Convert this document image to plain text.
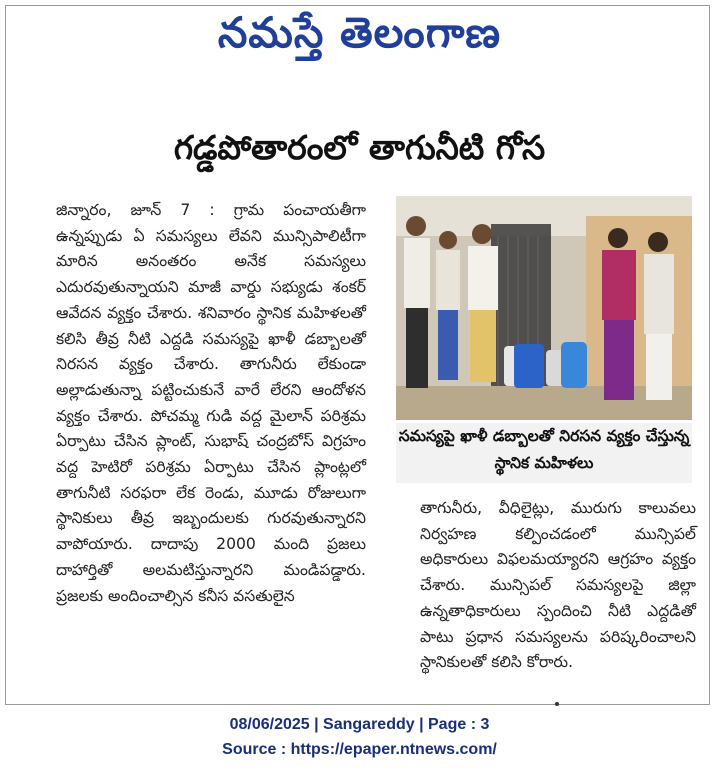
నమస్తే తెలంగాణ
గడ్డపోతారంలో తాగునీటి గోస

జిన్నారం, జూన్ 7 : గ్రామ పంచాయతీగా ఉన్నప్పుడు ఏ సమస్యలు లేవని మున్సిపాలిటీగా మారిన అనంతరం అనేక సమస్యలు ఎదురవుతున్నాయని మాజీ వార్డు సభ్యుడు శంకర్ ఆవేదన వ్యక్తం చేశారు. శనివారం స్థానిక మహిళలతో కలిసి తీవ్ర నీటి ఎద్దడి సమస్యపై ఖాళీ డబ్బాలతో నిరసన వ్యక్తం చేశారు. తాగునీరు లేకుండా అల్లాడుతున్నా పట్టించుకునే వారే లేరని ఆందోళన వ్యక్తం చేశారు. పోచమ్మ గుడి వద్ద మైలాన్ పరిశ్రమ ఏర్పాటు చేసిన ప్లాంట్, సుభాష్ చంద్రబోస్ విగ్రహం వద్ద హెటిరో పరిశ్రమ ఏర్పాటు చేసిన ప్లాంట్లలో తాగునీటి సరఫరా లేక రెండు, మూడు రోజులుగా స్థానికులు తీవ్ర ఇబ్బందులకు గురవుతున్నారని వాపోయారు. దాదాపు 2000 మంది ప్రజలు దాహార్తితో అలమటిస్తున్నారని మండిపడ్డారు. ప్రజలకు అందించాల్సిన కనీస వసతులైన

సమస్యపై ఖాళీ డబ్బాలతో నిరసన వ్యక్తం చేస్తున్న స్థానిక మహిళలు

తాగునీరు, వీధిలైట్లు, మురుగు కాలువలు నిర్వహణ కల్పించడంలో మున్సిపల్ అధికారులు విఫలమయ్యారని ఆగ్రహం వ్యక్తం చేశారు. మున్సిపల్ సమస్యలపై జిల్లా ఉన్నతాధికారులు స్పందించి నీటి ఎద్దడితో పాటు ప్రధాన సమస్యలను పరిష్కరించాలని స్థానికులతో కలిసి కోరారు.

08/06/2025 | Sangareddy | Page : 3
Source : https://epaper.ntnews.com/
